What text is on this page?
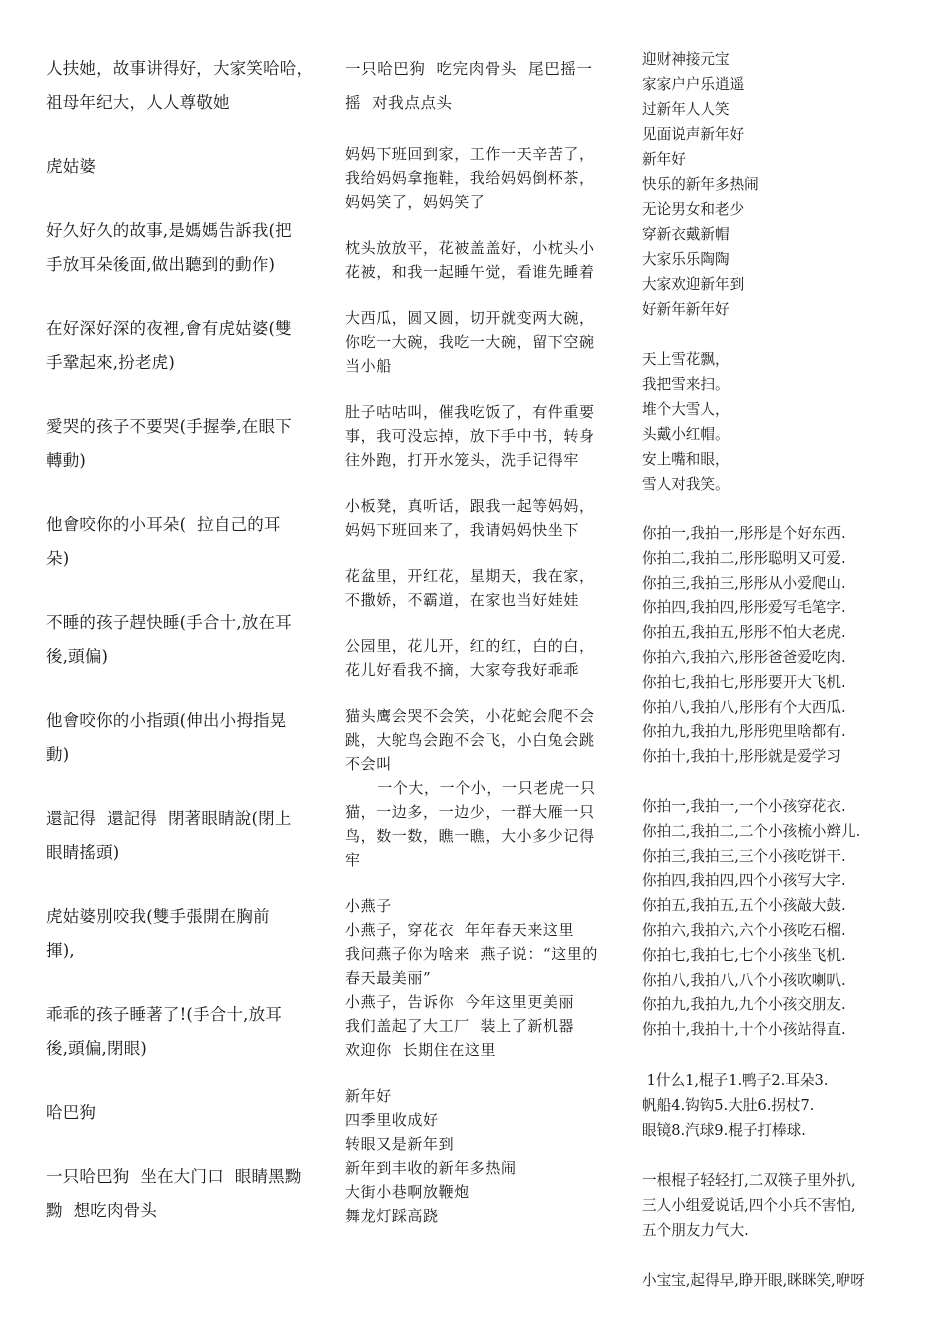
人扶她，故事讲得好，大家笑哈哈，
祖母年纪大，人人尊敬她

虎姑婆

好久好久的故事,是媽媽告訴我(把
手放耳朵後面,做出聽到的動作)

在好深好深的夜裡,會有虎姑婆(雙
手鞏起來,扮老虎)

愛哭的孩子不要哭(手握拳,在眼下
轉動)

他會咬你的小耳朵(  拉自己的耳
朵)

不睡的孩子趕快睡(手合十,放在耳
後,頭偏)

他會咬你的小指頭(伸出小拇指晃
動)

還記得  還記得  閉著眼睛說(閉上
眼睛搖頭)

虎姑婆別咬我(雙手張開在胸前
揮),

乖乖的孩子睡著了!(手合十,放耳
後,頭偏,閉眼)

哈巴狗

一只哈巴狗  坐在大门口  眼睛黑黝
黝  想吃肉骨头

一只哈巴狗  吃完肉骨头  尾巴摇一
摇  对我点点头

妈妈下班回到家，工作一天辛苦了，
我给妈妈拿拖鞋，我给妈妈倒杯茶，
妈妈笑了，妈妈笑了

枕头放放平，花被盖盖好，小枕头小
花被，和我一起睡午觉，看谁先睡着

大西瓜，圆又圆，切开就变两大碗，
你吃一大碗，我吃一大碗，留下空碗
当小船

肚子咕咕叫，催我吃饭了，有件重要
事，我可没忘掉，放下手中书，转身
往外跑，打开水笼头，洗手记得牢

小板凳，真听话，跟我一起等妈妈，
妈妈下班回来了，我请妈妈快坐下

花盆里，开红花，星期天，我在家，
不撒娇，不霸道，在家也当好娃娃

公园里，花儿开，红的红，白的白，
花儿好看我不摘，大家夸我好乖乖

猫头鹰会哭不会笑，小花蛇会爬不会
跳，大鸵鸟会跑不会飞，小白兔会跳
不会叫
一个大，一个小，一只老虎一只
猫，一边多，一边少，一群大雁一只
鸟，数一数，瞧一瞧，大小多少记得
牢

小燕子
小燕子，穿花衣  年年春天来这里
我问燕子你为啥来  燕子说：“这里的
春天最美丽”
小燕子，告诉你  今年这里更美丽
我们盖起了大工厂  装上了新机器
欢迎你  长期住在这里

新年好
四季里收成好
转眼又是新年到
新年到丰收的新年多热闹
大街小巷啊放鞭炮
舞龙灯踩高跷

迎财神接元宝
家家户户乐逍遥
过新年人人笑
见面说声新年好
新年好
快乐的新年多热闹
无论男女和老少
穿新衣戴新帽
大家乐乐陶陶
大家欢迎新年到
好新年新年好

天上雪花飘，
我把雪来扫。
堆个大雪人，
头戴小红帽。
安上嘴和眼，
雪人对我笑。

你拍一,我拍一,彤彤是个好东西.
你拍二,我拍二,彤彤聪明又可爱.
你拍三,我拍三,彤彤从小爱爬山.
你拍四,我拍四,彤彤爱写毛笔字.
你拍五,我拍五,彤彤不怕大老虎.
你拍六,我拍六,彤彤爸爸爱吃肉.
你拍七,我拍七,彤彤要开大飞机.
你拍八,我拍八,彤彤有个大西瓜.
你拍九,我拍九,彤彤兜里啥都有.
你拍十,我拍十,彤彤就是爱学习

你拍一,我拍一,一个小孩穿花衣.
你拍二,我拍二,二个小孩梳小辫儿.
你拍三,我拍三,三个小孩吃饼干.
你拍四,我拍四,四个小孩写大字.
你拍五,我拍五,五个小孩敲大鼓.
你拍六,我拍六,六个小孩吃石榴.
你拍七,我拍七,七个小孩坐飞机.
你拍八,我拍八,八个小孩吹喇叭.
你拍九,我拍九,九个小孩交朋友.
你拍十,我拍十,十个小孩站得直.

1什么1,棍子1.鸭子2.耳朵3.
帆船4.钩钩5.大肚6.拐杖7.
眼镜8.汽球9.棍子打棒球.

一根棍子轻轻打,二双筷子里外扒,
三人小组爱说话,四个小兵不害怕,
五个朋友力气大.

小宝宝,起得早,睁开眼,眯眯笑,咿呀
